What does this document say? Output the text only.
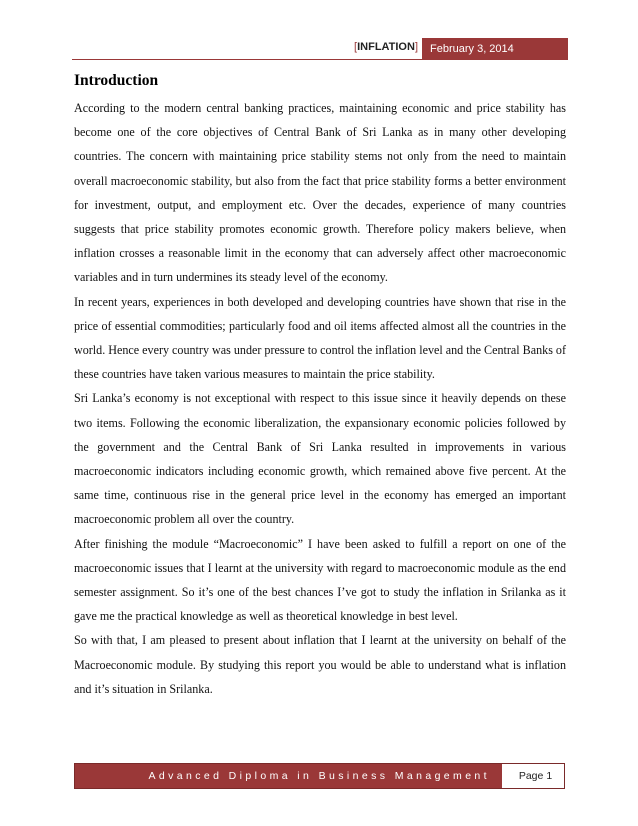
[INFLATION]	February 3, 2014
Introduction

According to the modern central banking practices, maintaining economic and price stability has become one of the core objectives of Central Bank of Sri Lanka as in many other developing countries. The concern with maintaining price stability stems not only from the need to maintain overall macroeconomic stability, but also from the fact that price stability forms a better environment for investment, output, and employment etc. Over the decades, experience of many countries suggests that price stability promotes economic growth. Therefore policy makers believe, when inflation crosses a reasonable limit in the economy that can adversely affect other macroeconomic variables and in turn undermines its steady level of the economy.

In recent years, experiences in both developed and developing countries have shown that rise in the price of essential commodities; particularly food and oil items affected almost all the countries in the world. Hence every country was under pressure to control the inflation level and the Central Banks of these countries have taken various measures to maintain the price stability.

Sri Lanka’s economy is not exceptional with respect to this issue since it heavily depends on these two items. Following the economic liberalization, the expansionary economic policies followed by the government and the Central Bank of Sri Lanka resulted in improvements in various macroeconomic indicators including economic growth, which remained above five percent. At the same time, continuous rise in the general price level in the economy has emerged an important macroeconomic problem all over the country.

After finishing the module “Macroeconomic” I have been asked to fulfill a report on one of the macroeconomic issues that I learnt at the university with regard to macroeconomic module as the end semester assignment. So it’s one of the best chances I’ve got to study the inflation in Srilanka as it gave me the practical knowledge as well as theoretical knowledge in best level.

So with that, I am pleased to present about inflation that I learnt at the university on behalf of the Macroeconomic module. By studying this report you would be able to understand what is inflation and it’s situation in Srilanka.

Advanced Diploma in Business Management	Page 1
